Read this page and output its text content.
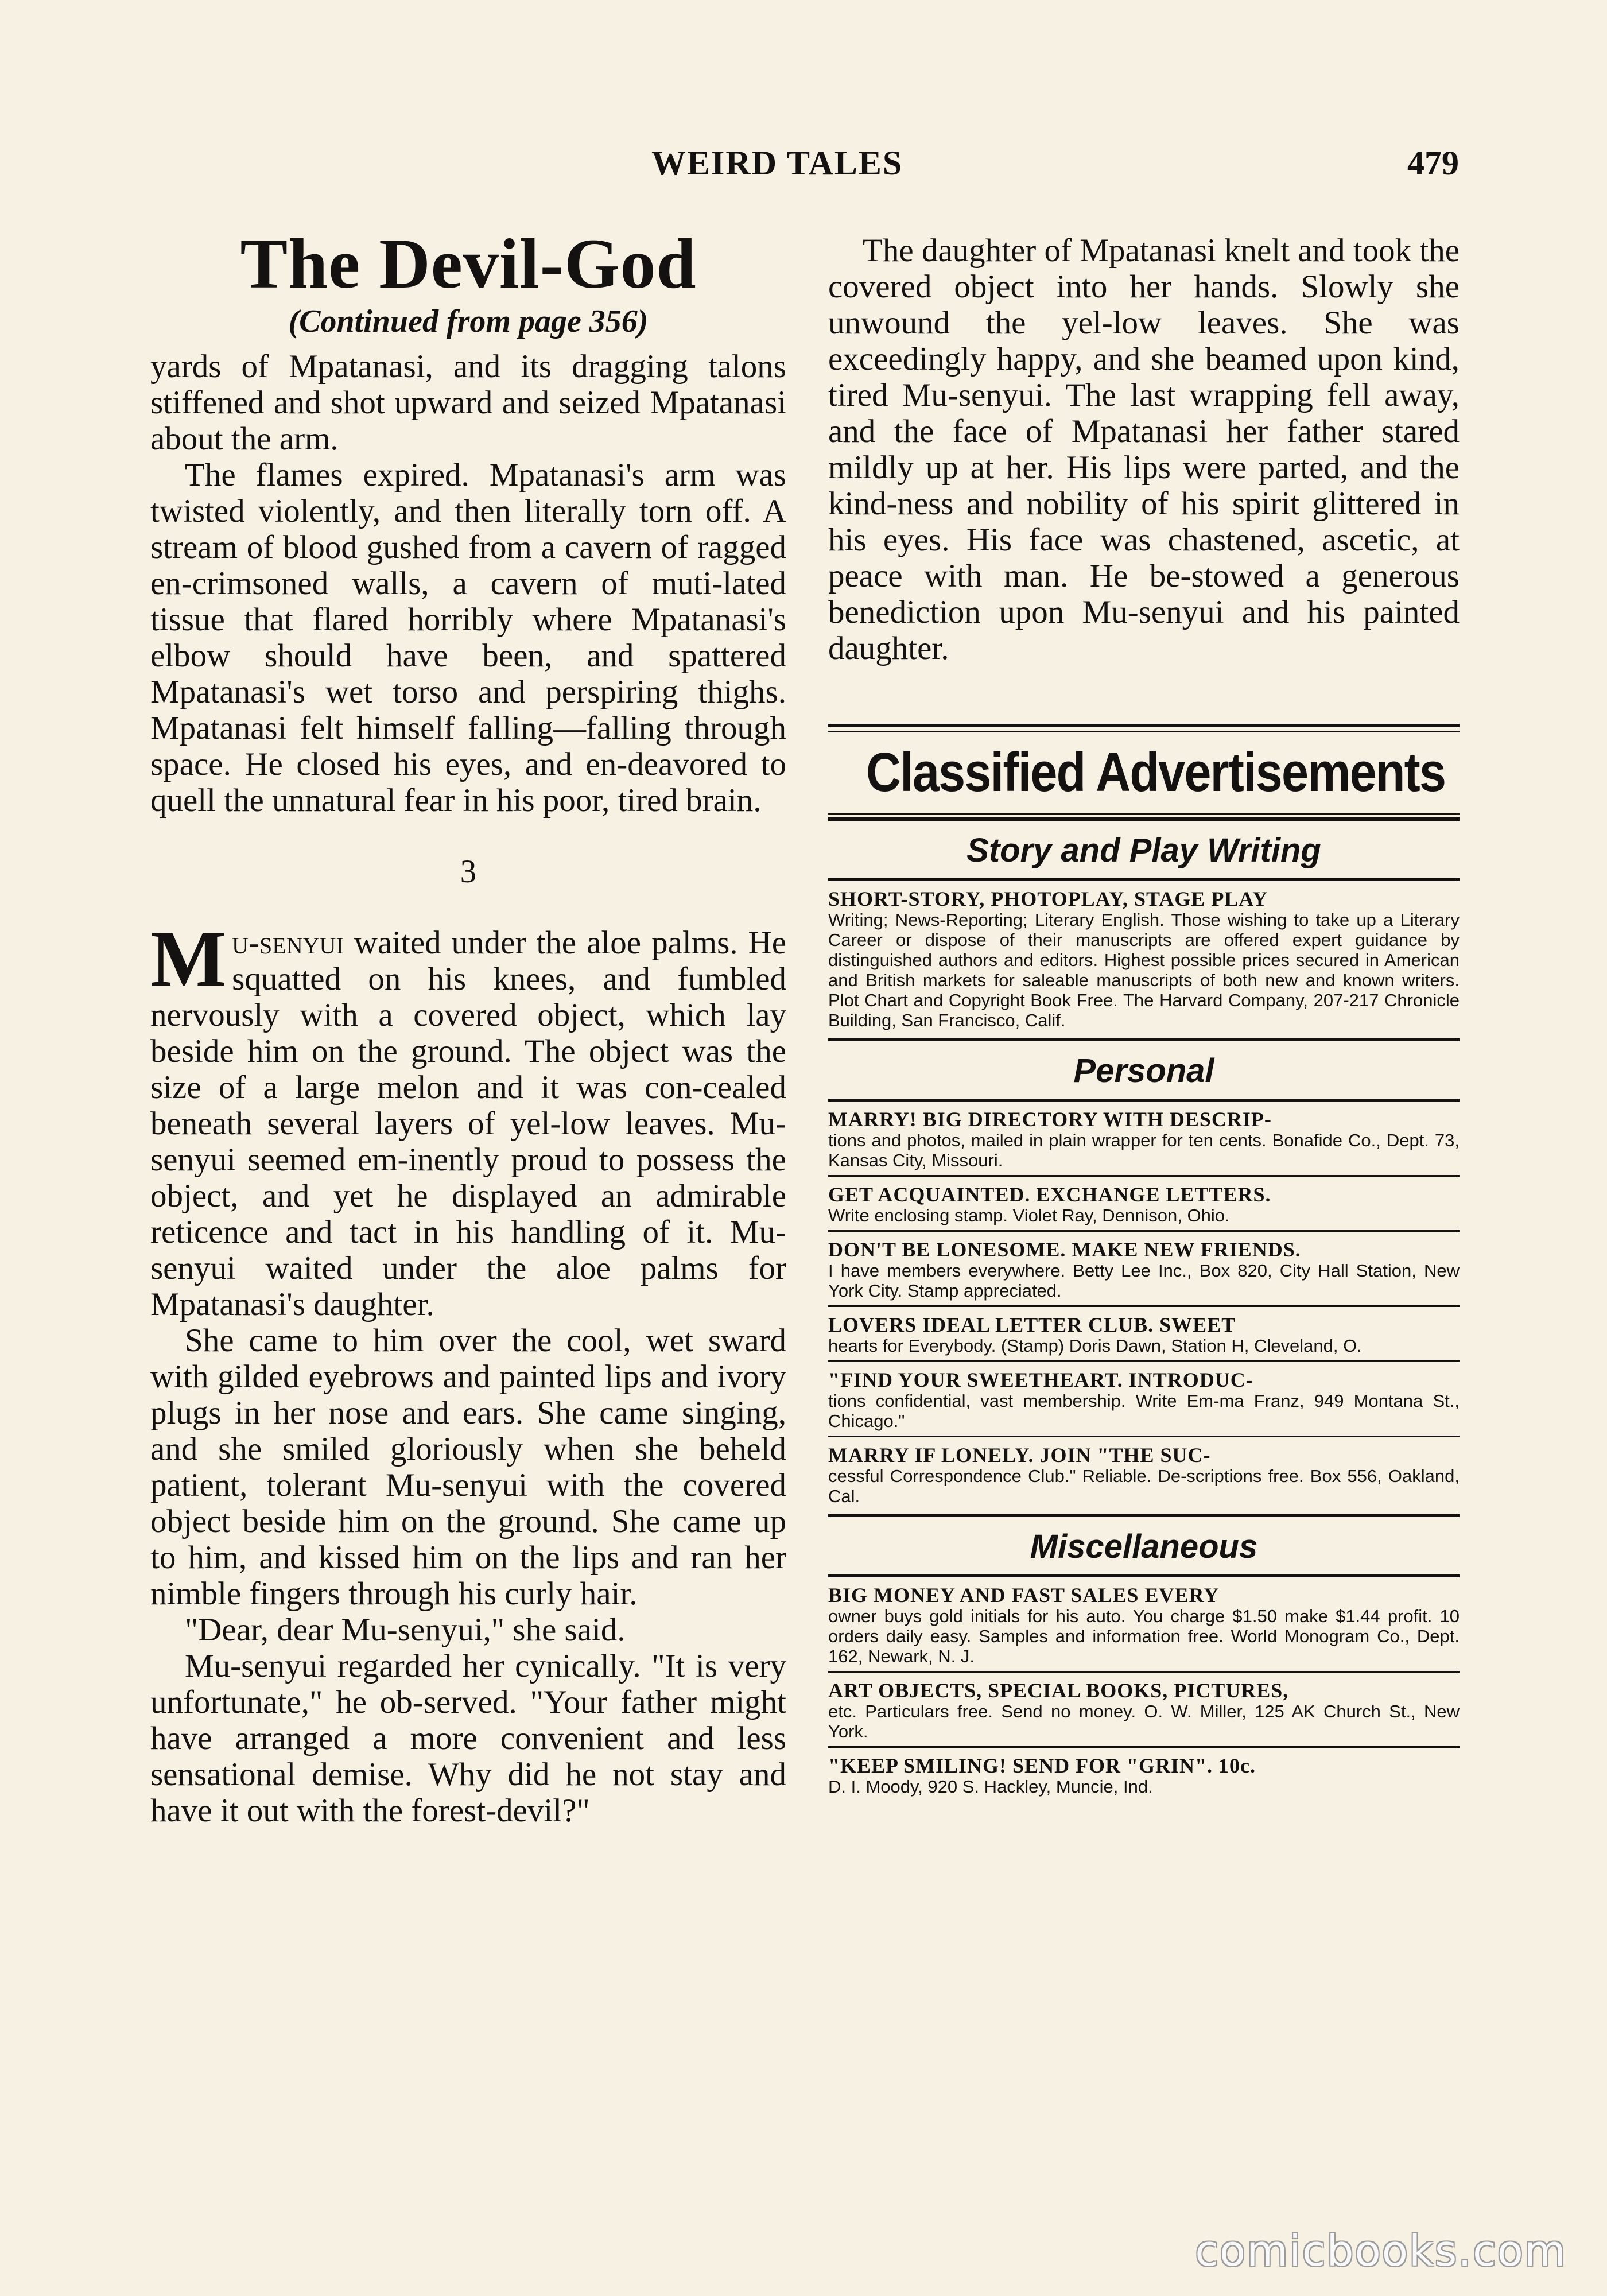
WEIRD TALES	479
The Devil-God
(Continued from page 356)

yards of Mpatanasi, and its dragging talons stiffened and shot upward and seized Mpatanasi about the arm.

The flames expired. Mpatanasi's arm was twisted violently, and then literally torn off. A stream of blood gushed from a cavern of ragged en-crimsoned walls, a cavern of muti-lated tissue that flared horribly where Mpatanasi's elbow should have been, and spattered Mpatanasi's wet torso and perspiring thighs. Mpatanasi felt himself falling—falling through space. He closed his eyes, and en-deavored to quell the unnatural fear in his poor, tired brain.

3

Mu-senyui waited under the aloe palms. He squatted on his knees, and fumbled nervously with a covered object, which lay beside him on the ground. The object was the size of a large melon and it was con-cealed beneath several layers of yel-low leaves. Mu-senyui seemed em-inently proud to possess the object, and yet he displayed an admirable reticence and tact in his handling of it. Mu-senyui waited under the aloe palms for Mpatanasi's daughter.

She came to him over the cool, wet sward with gilded eyebrows and painted lips and ivory plugs in her nose and ears. She came singing, and she smiled gloriously when she beheld patient, tolerant Mu-senyui with the covered object beside him on the ground. She came up to him, and kissed him on the lips and ran her nimble fingers through his curly hair.

"Dear, dear Mu-senyui," she said.

Mu-senyui regarded her cynically. "It is very unfortunate," he ob-served. "Your father might have arranged a more convenient and less sensational demise. Why did he not stay and have it out with the forest-devil?"

The daughter of Mpatanasi knelt and took the covered object into her hands. Slowly she unwound the yel-low leaves. She was exceedingly happy, and she beamed upon kind, tired Mu-senyui. The last wrapping fell away, and the face of Mpatanasi her father stared mildly up at her. His lips were parted, and the kind-ness and nobility of his spirit glittered in his eyes. His face was chastened, ascetic, at peace with man. He be-stowed a generous benediction upon Mu-senyui and his painted daughter.

Classified Advertisements
Story and Play Writing

SHORT-STORY, PHOTOPLAY, STAGE PLAY
Writing; News-Reporting; Literary English. Those wishing to take up a Literary Career or dispose of their manuscripts are offered expert guidance by distinguished authors and editors. Highest possible prices secured in American and British markets for saleable manuscripts of both new and known writers. Plot Chart and Copyright Book Free. The Harvard Company, 207-217 Chronicle Building, San Francisco, Calif.

Personal

MARRY! BIG DIRECTORY WITH DESCRIP-
tions and photos, mailed in plain wrapper for ten cents. Bonafide Co., Dept. 73, Kansas City, Missouri.

GET ACQUAINTED. EXCHANGE LETTERS.
Write enclosing stamp. Violet Ray, Dennison, Ohio.

DON'T BE LONESOME. MAKE NEW FRIENDS.
I have members everywhere. Betty Lee Inc., Box 820, City Hall Station, New York City. Stamp appreciated.

LOVERS IDEAL LETTER CLUB. SWEET
hearts for Everybody. (Stamp) Doris Dawn, Station H, Cleveland, O.

"FIND YOUR SWEETHEART. INTRODUC-
tions confidential, vast membership. Write Em-ma Franz, 949 Montana St., Chicago."

MARRY IF LONELY. JOIN "THE SUC-
cessful Correspondence Club." Reliable. De-scriptions free. Box 556, Oakland, Cal.

Miscellaneous

BIG MONEY AND FAST SALES EVERY
owner buys gold initials for his auto. You charge $1.50 make $1.44 profit. 10 orders daily easy. Samples and information free. World Monogram Co., Dept. 162, Newark, N. J.

ART OBJECTS, SPECIAL BOOKS, PICTURES,
etc. Particulars free. Send no money. O. W. Miller, 125 AK Church St., New York.

"KEEP SMILING! SEND FOR "GRIN". 10c.
D. I. Moody, 920 S. Hackley, Muncie, Ind.

comicbooks.com
